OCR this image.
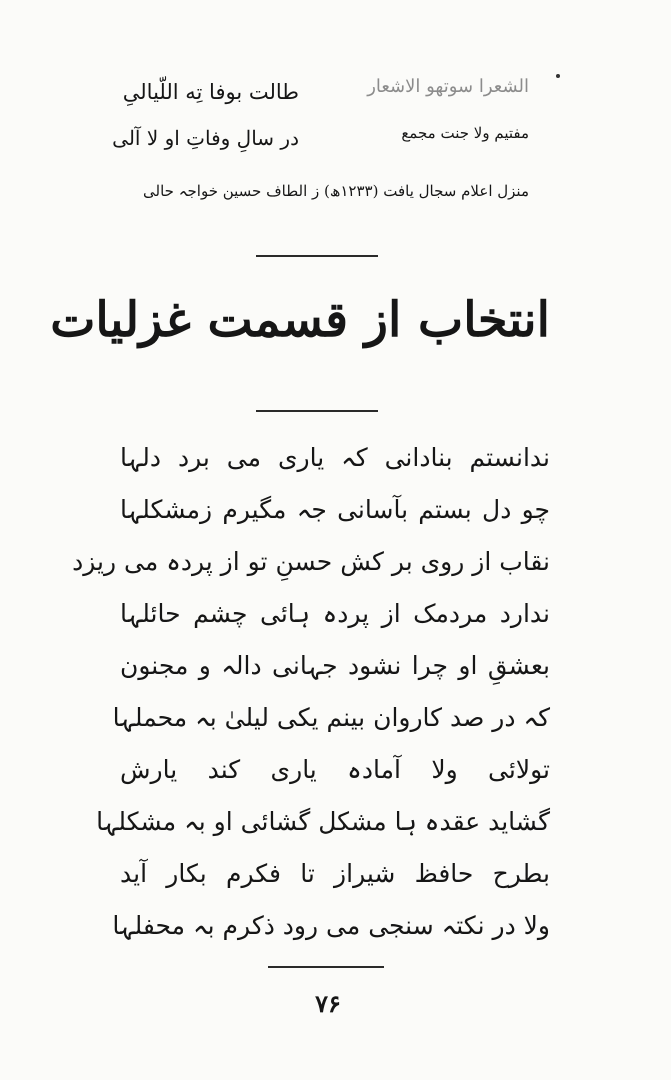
طالت بوفا تِه اللّیالیِ	الشعرا سوتھو الاشعار
در سالِ وفاتِ او لا آلی	مفتیم ولا جنت مجمع
منزل اعلام سجال یافت (۱۲۳۳ھ) ز الطاف حسین خواجہ حالی
انتخاب از قسمت غزلیات
ندانستم بنادانی کہ یاری می برد دلہا
چو دل بستم بآسانی جہ مگیرم زمشکلہا
نقاب از روی بر کش حسنِ تو از پردہ می ریزد
ندارد مردمک از پردہ ہائی چشم حائلہا
بعشقِ او چرا نشود جہانی دالہ و مجنون
کہ در صد کاروان بینم یکی لیلیٰ بہ محملہا
تولائی ولا آمادہ یاری کند یارش
گشاید عقدہ ہا مشکل گشائی او بہ مشکلہا
بطرح حافظ شیراز تا فکرم بکار آید
ولا در نکتہ سنجی می رود ذکرم بہ محفلہا
۷۶
